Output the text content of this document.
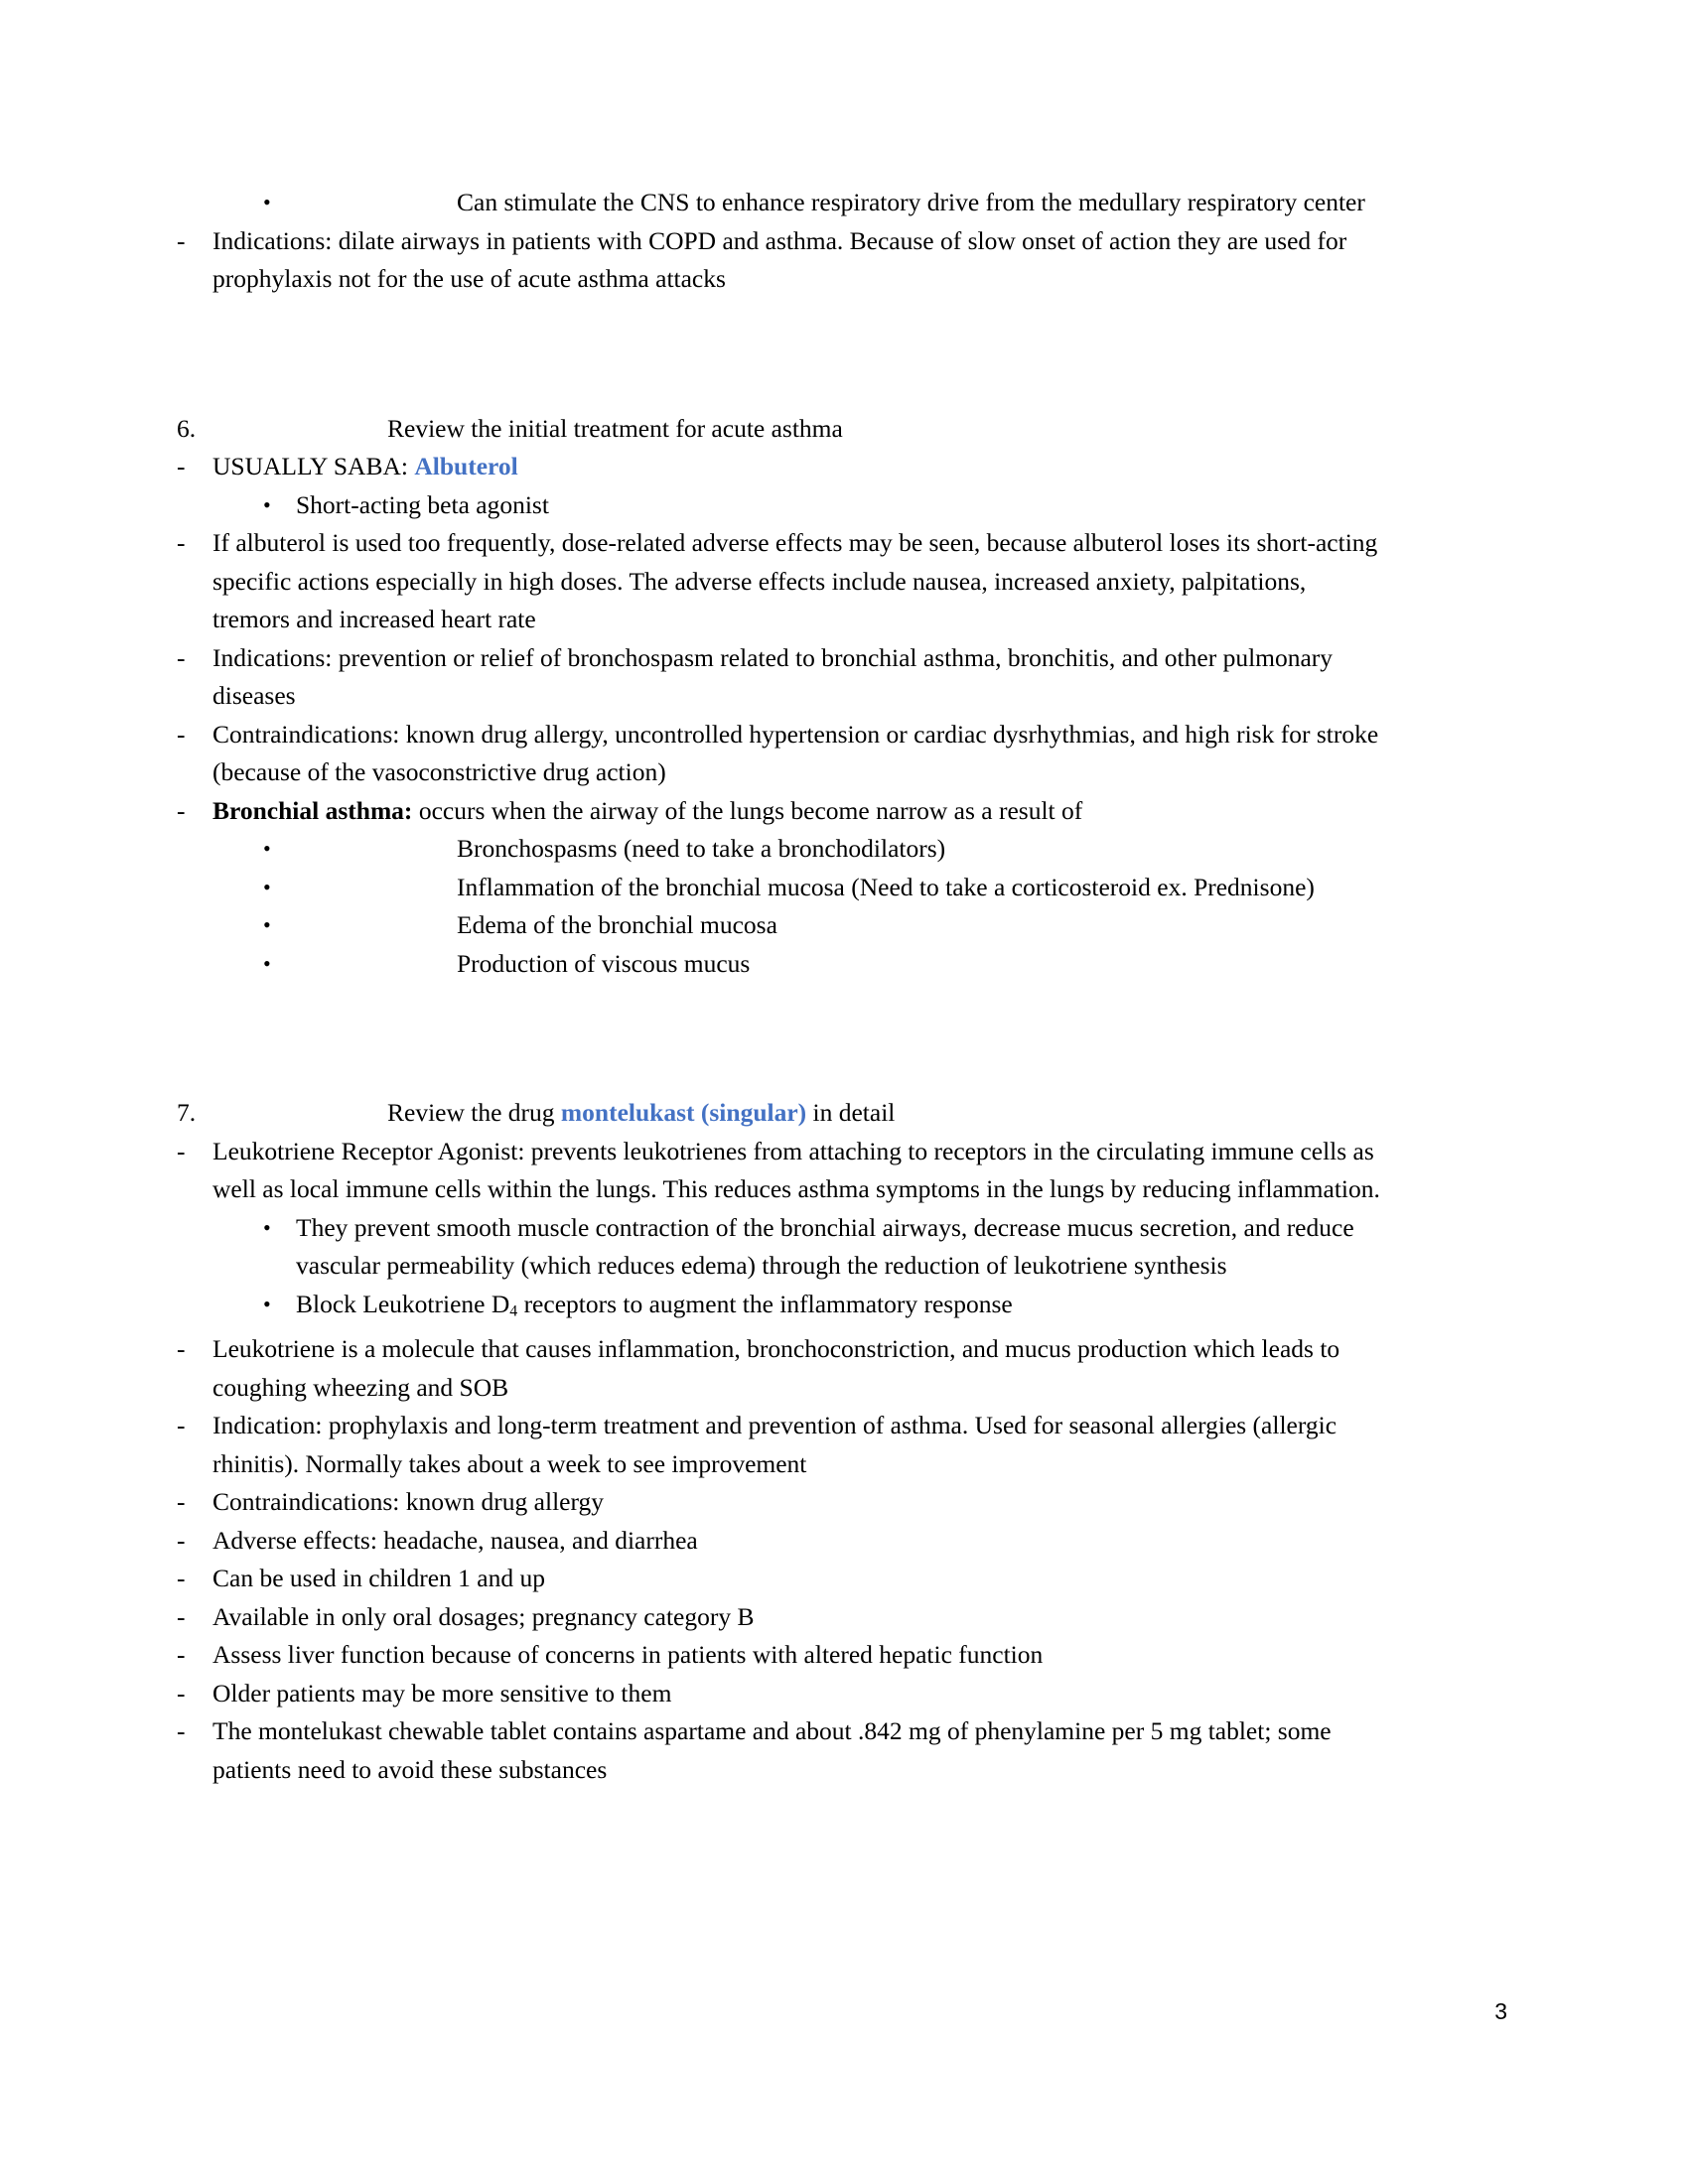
•	Can stimulate the CNS to enhance respiratory drive from the medullary respiratory center
-	Indications: dilate airways in patients with COPD and asthma. Because of slow onset of action they are used for prophylaxis not for the use of acute asthma attacks
6.	Review the initial treatment for acute asthma
-	USUALLY SABA: Albuterol
• Short-acting beta agonist
-	If albuterol is used too frequently, dose-related adverse effects may be seen, because albuterol loses its short-acting specific actions especially in high doses. The adverse effects include nausea, increased anxiety, palpitations, tremors and increased heart rate
-	Indications: prevention or relief of bronchospasm related to bronchial asthma, bronchitis, and other pulmonary diseases
-	Contraindications: known drug allergy, uncontrolled hypertension or cardiac dysrhythmias, and high risk for stroke (because of the vasoconstrictive drug action)
-	Bronchial asthma: occurs when the airway of the lungs become narrow as a result of
•	Bronchospasms (need to take a bronchodilators)
•	Inflammation of the bronchial mucosa (Need to take a corticosteroid ex. Prednisone)
•	Edema of the bronchial mucosa
•	Production of viscous mucus
7.	Review the drug montelukast (singular) in detail
-	Leukotriene Receptor Agonist: prevents leukotrienes from attaching to receptors in the circulating immune cells as well as local immune cells within the lungs. This reduces asthma symptoms in the lungs by reducing inflammation.
• They prevent smooth muscle contraction of the bronchial airways, decrease mucus secretion, and reduce vascular permeability (which reduces edema) through the reduction of leukotriene synthesis
• Block Leukotriene $D_4$ receptors to augment the inflammatory response
-	Leukotriene is a molecule that causes inflammation, bronchoconstriction, and mucus production which leads to coughing wheezing and SOB
-	Indication: prophylaxis and long-term treatment and prevention of asthma. Used for seasonal allergies (allergic rhinitis). Normally takes about a week to see improvement
-	Contraindications: known drug allergy
-	Adverse effects: headache, nausea, and diarrhea
-	Can be used in children 1 and up
-	Available in only oral dosages; pregnancy category B
-	Assess liver function because of concerns in patients with altered hepatic function
-	Older patients may be more sensitive to them
-	The montelukast chewable tablet contains aspartame and about .842 mg of phenylamine per 5 mg tablet; some patients need to avoid these substances
3
